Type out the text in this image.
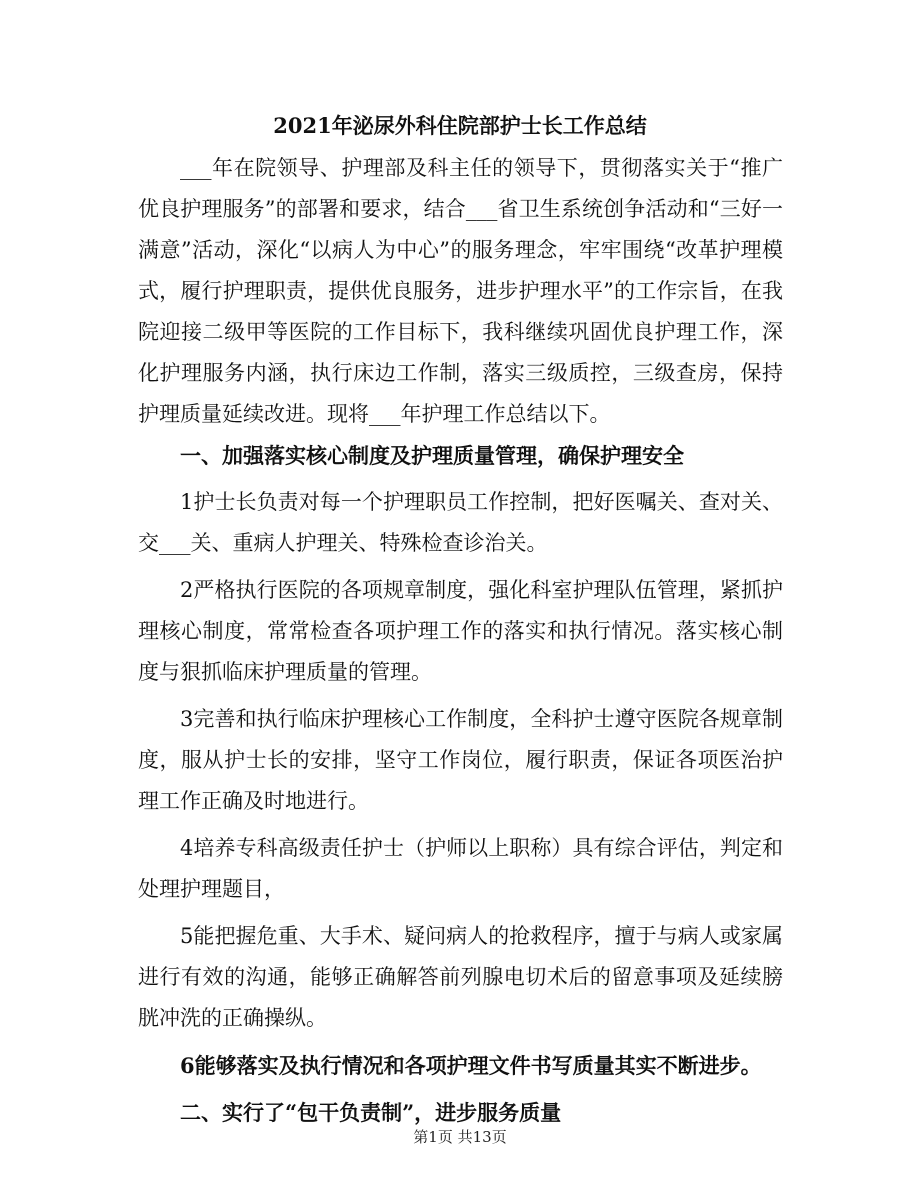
2021年泌尿外科住院部护士长工作总结

___年在院领导、护理部及科主任的领导下，贯彻落实关于“推广优良护理服务”的部署和要求，结合___省卫生系统创争活动和“三好一满意”活动，深化“以病人为中心”的服务理念，牢牢围绕“改革护理模式，履行护理职责，提供优良服务，进步护理水平”的工作宗旨，在我院迎接二级甲等医院的工作目标下，我科继续巩固优良护理工作，深化护理服务内涵，执行床边工作制，落实三级质控，三级查房，保持护理质量延续改进。现将___年护理工作总结以下。

一、加强落实核心制度及护理质量管理，确保护理安全

1护士长负责对每一个护理职员工作控制，把好医嘱关、查对关、交___关、重病人护理关、特殊检查诊治关。

2严格执行医院的各项规章制度，强化科室护理队伍管理，紧抓护理核心制度，常常检查各项护理工作的落实和执行情况。落实核心制度与狠抓临床护理质量的管理。

3完善和执行临床护理核心工作制度，全科护士遵守医院各规章制度，服从护士长的安排，坚守工作岗位，履行职责，保证各项医治护理工作正确及时地进行。

4培养专科高级责任护士（护师以上职称）具有综合评估，判定和处理护理题目，

5能把握危重、大手术、疑问病人的抢救程序，擅于与病人或家属进行有效的沟通，能够正确解答前列腺电切术后的留意事项及延续膀胱冲洗的正确操纵。

6能够落实及执行情况和各项护理文件书写质量其实不断进步。

二、实行了“包干负责制”，进步服务质量

第1页 共13页
